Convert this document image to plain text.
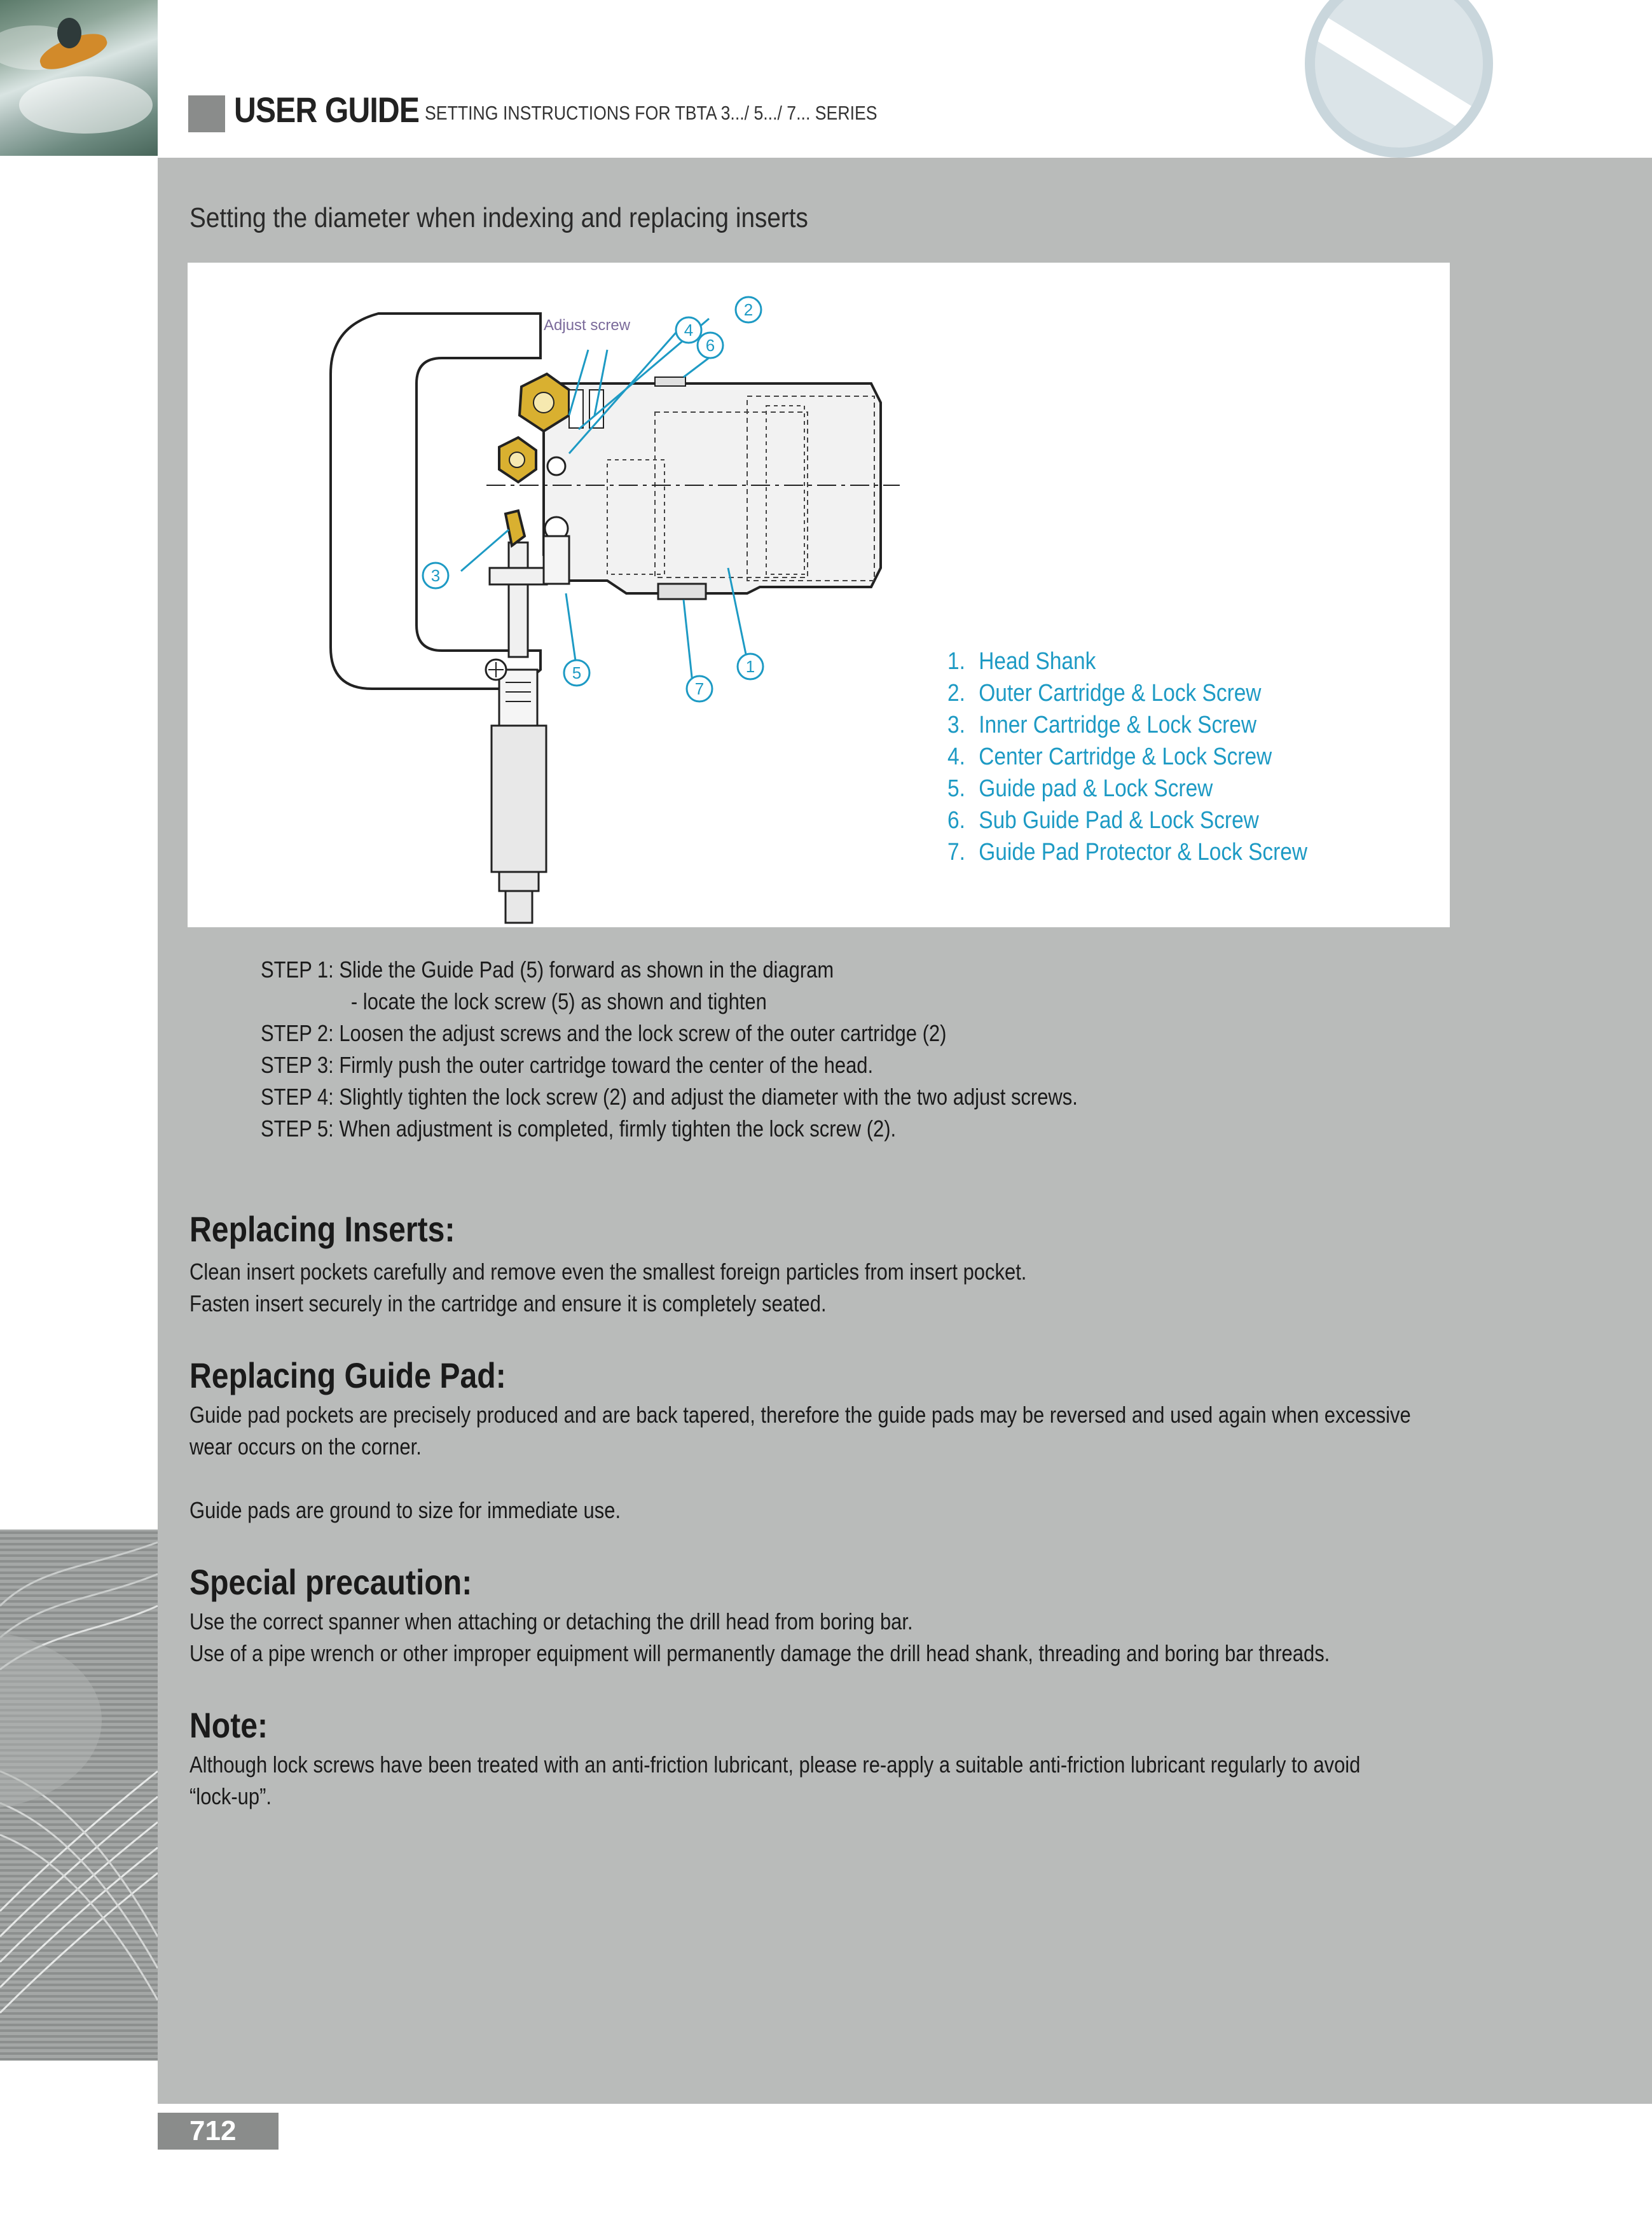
USER GUIDE SETTING INSTRUCTIONS FOR TBTA 3.../ 5.../ 7... SERIES
Setting the diameter when indexing and replacing inserts
Adjust screw
2
4
6
3
5
7
1	1. Head Shank
2. Outer Cartridge & Lock Screw
3. Inner Cartridge & Lock Screw
4. Center Cartridge & Lock Screw
5. Guide pad & Lock Screw
6. Sub Guide Pad & Lock Screw
7. Guide Pad Protector & Lock Screw
STEP 1: Slide the Guide Pad (5) forward as shown in the diagram
- locate the lock screw (5) as shown and tighten
STEP 2: Loosen the adjust screws and the lock screw of the outer cartridge (2)
STEP 3: Firmly push the outer cartridge toward the center of the head.
STEP 4: Slightly tighten the lock screw (2) and adjust the diameter with the two adjust screws.
STEP 5: When adjustment is completed, firmly tighten the lock screw (2).
Replacing Inserts:
Clean insert pockets carefully and remove even the smallest foreign particles from insert pocket.
Fasten insert securely in the cartridge and ensure it is completely seated.
Replacing Guide Pad:
Guide pad pockets are precisely produced and are back tapered, therefore the guide pads may be reversed and used again when excessive
wear occurs on the corner.
Guide pads are ground to size for immediate use.
Special precaution:
Use the correct spanner when attaching or detaching the drill head from boring bar.
Use of a pipe wrench or other improper equipment will permanently damage the drill head shank, threading and boring bar threads.
Note:
Although lock screws have been treated with an anti-friction lubricant, please re-apply a suitable anti-friction lubricant regularly to avoid
“lock-up”.
712
